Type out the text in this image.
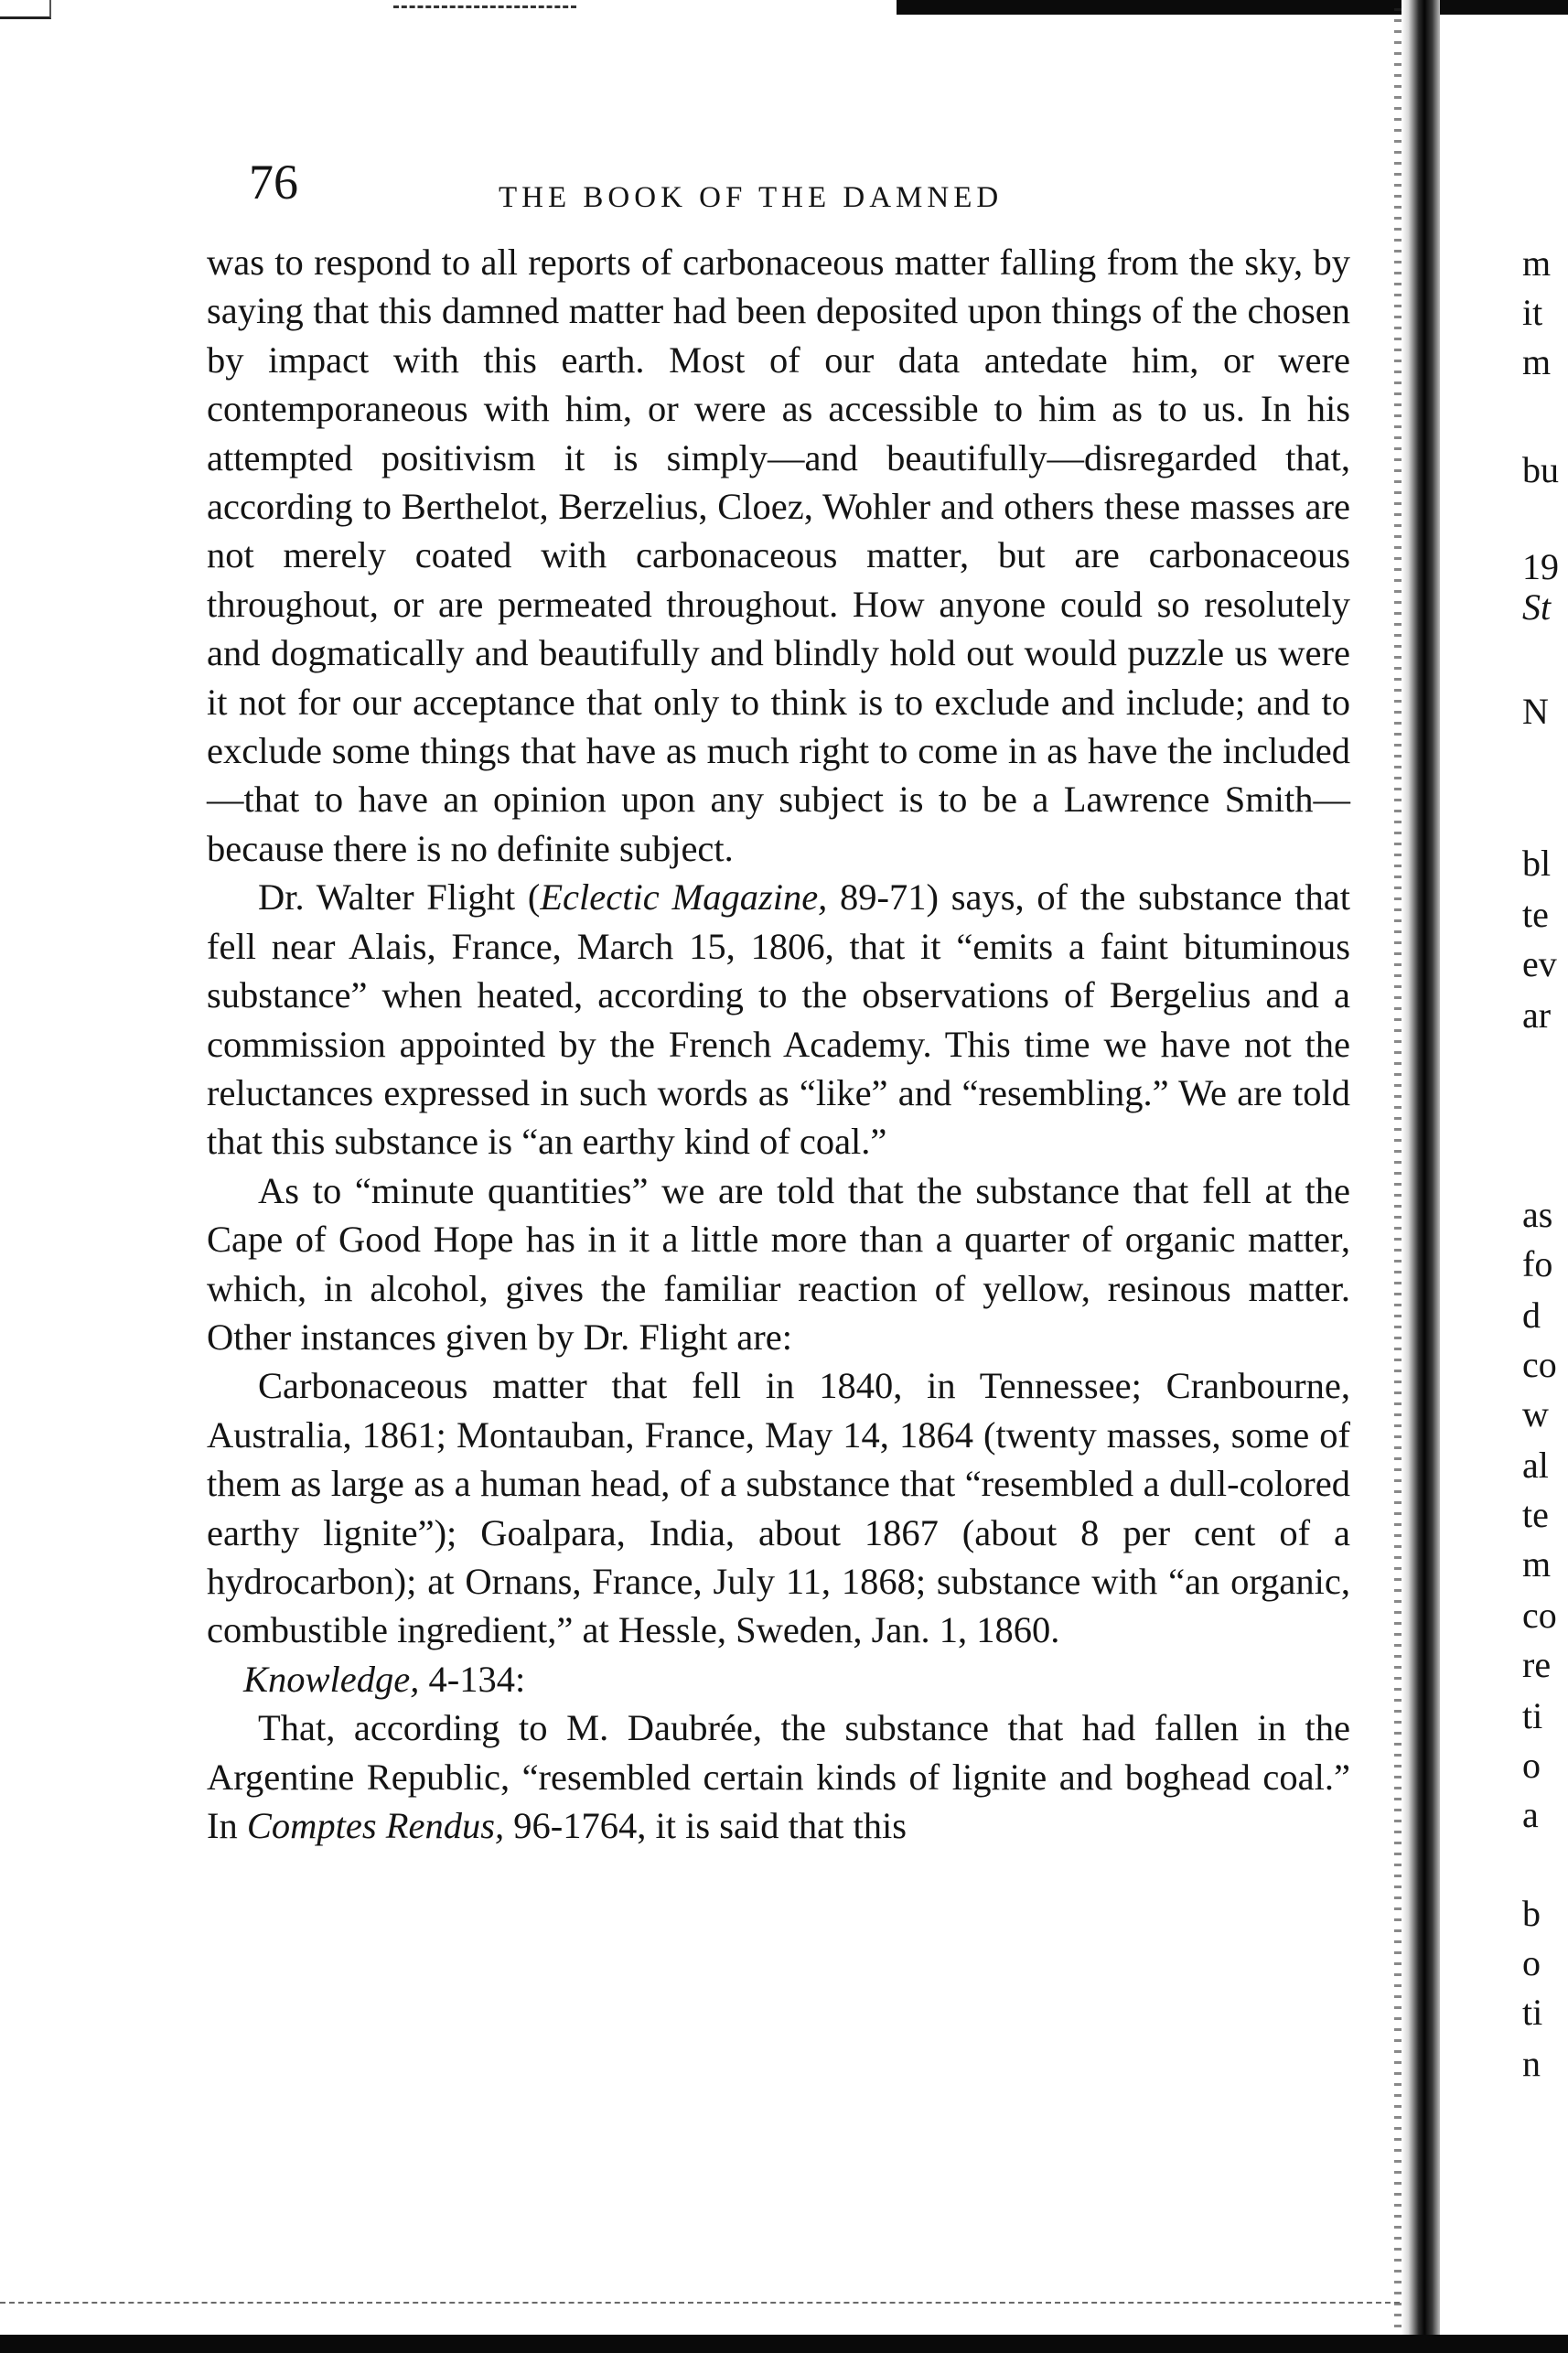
76	THE BOOK OF THE DAMNED

was to respond to all reports of carbonaceous matter falling from the sky, by saying that this damned matter had been deposited upon things of the chosen by impact with this earth. Most of our data antedate him, or were contemporaneous with him, or were as accessible to him as to us. In his attempted positivism it is simply—and beautifully—disregarded that, according to Berthelot, Berzelius, Cloez, Wohler and others these masses are not merely coated with carbonaceous matter, but are carbonaceous throughout, or are permeated throughout. How anyone could so resolutely and dogmatically and beautifully and blindly hold out would puzzle us were it not for our acceptance that only to think is to exclude and include; and to exclude some things that have as much right to come in as have the included—that to have an opinion upon any subject is to be a Lawrence Smith—because there is no definite subject.

Dr. Walter Flight (Eclectic Magazine, 89-71) says, of the substance that fell near Alais, France, March 15, 1806, that it “emits a faint bituminous substance” when heated, according to the observations of Bergelius and a commission appointed by the French Academy. This time we have not the reluctances expressed in such words as “like” and “resembling.” We are told that this substance is “an earthy kind of coal.”

As to “minute quantities” we are told that the substance that fell at the Cape of Good Hope has in it a little more than a quarter of organic matter, which, in alcohol, gives the familiar reaction of yellow, resinous matter. Other instances given by Dr. Flight are:

Carbonaceous matter that fell in 1840, in Tennessee; Cranbourne, Australia, 1861; Montauban, France, May 14, 1864 (twenty masses, some of them as large as a human head, of a substance that “resembled a dull-colored earthy lignite”); Goalpara, India, about 1867 (about 8 per cent of a hydrocarbon); at Ornans, France, July 11, 1868; substance with “an organic, combustible ingredient,” at Hessle, Sweden, Jan. 1, 1860.

Knowledge, 4-134:

That, according to M. Daubrée, the substance that had fallen in the Argentine Republic, “resembled certain kinds of lignite and boghead coal.” In Comptes Rendus, 96-1764, it is said that this

m
it
m
bu
19
St
N
bl
te
ev
ar
as
fo
d
co
w
al
te
m
co
re
ti
o
a
b
o
ti
n
